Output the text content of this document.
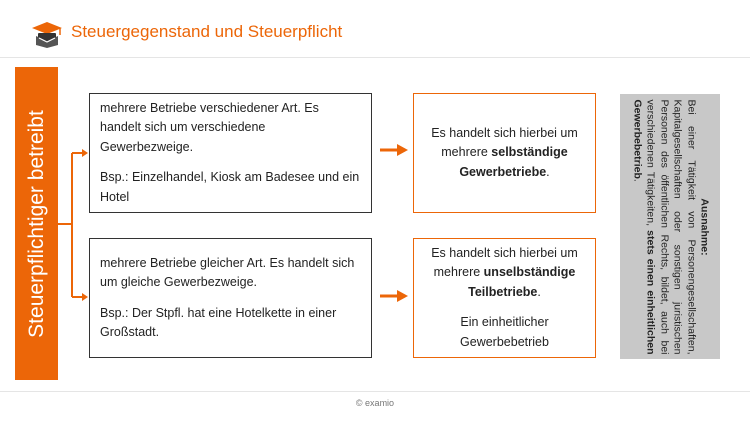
Steuergegenstand und Steuerpflicht
Steuerpflichtiger betreibt

mehrere Betriebe verschiedener Art. Es handelt sich um verschiedene Gewerbezweige.

Bsp.: Einzelhandel, Kiosk am Badesee und ein Hotel

mehrere Betriebe gleicher Art. Es handelt sich um gleiche Gewerbezweige.

Bsp.: Der Stpfl. hat eine Hotelkette in einer Großstadt.

Es handelt sich hierbei um mehrere selbständige Gewerbetriebe.

Es handelt sich hierbei um mehrere unselbständige Teilbetriebe.

Ein einheitlicher Gewerbebetrieb

Ausnahme:
Bei einer Tätigkeit von Personengesellschaften, Kapitalgesellschaften oder sonstigen juristischen Personen des öffentlichen Rechts, bildet, auch bei verschiedenen Tätigkeiten, stets einen einheitlichen Gewerbebetrieb.
© examio
